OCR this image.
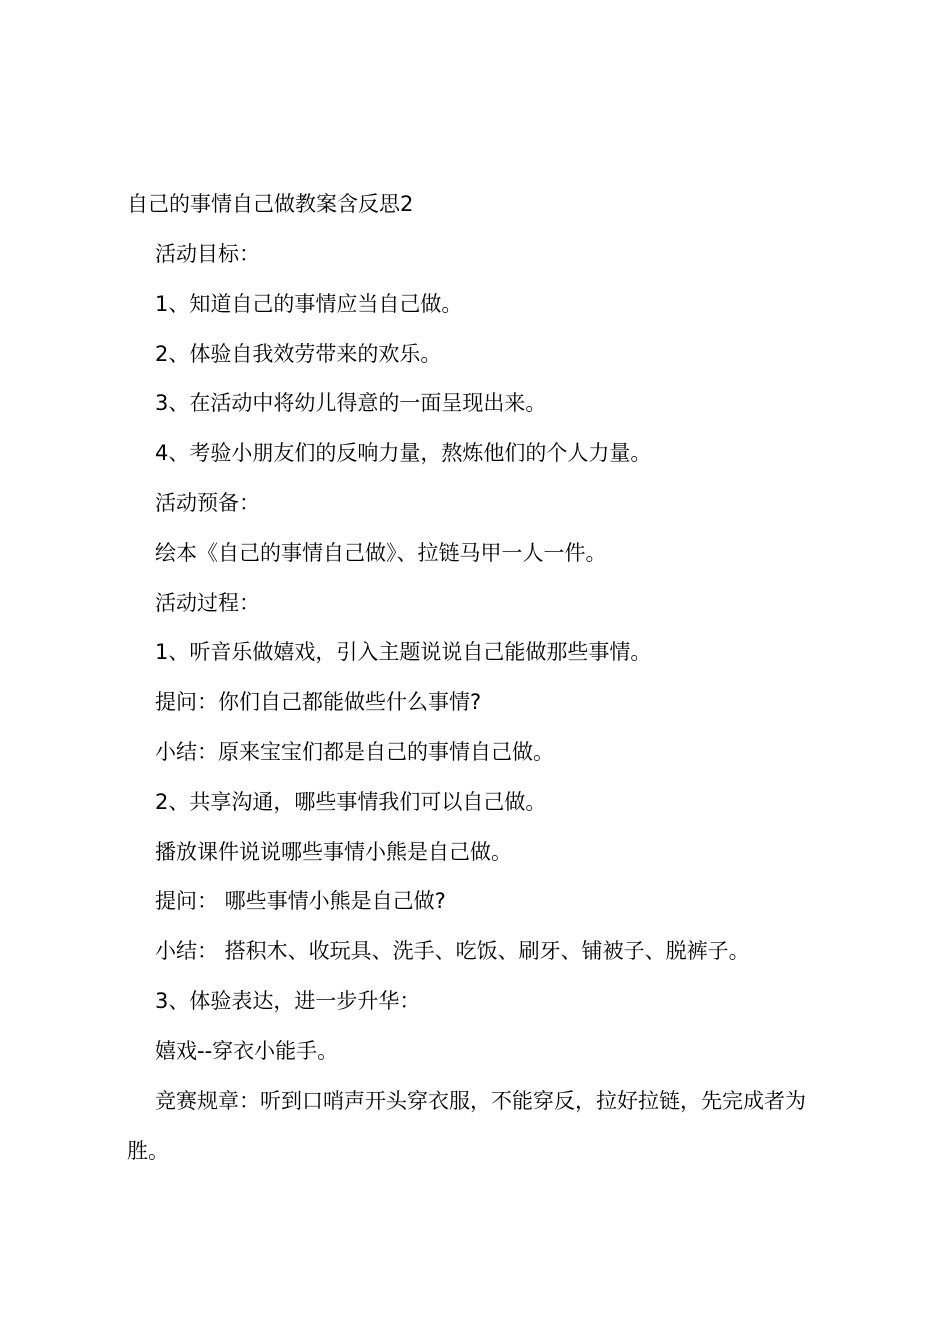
自己的事情自己做教案含反思2
活动目标：
1、知道自己的事情应当自己做。
2、体验自我效劳带来的欢乐。
3、在活动中将幼儿得意的一面呈现出来。
4、考验小朋友们的反响力量，熬炼他们的个人力量。
活动预备：
绘本《自己的事情自己做》、拉链马甲一人一件。
活动过程：
1、听音乐做嬉戏，引入主题说说自己能做那些事情。
提问：你们自己都能做些什么事情?
小结：原来宝宝们都是自己的事情自己做。
2、共享沟通，哪些事情我们可以自己做。
播放课件说说哪些事情小熊是自己做。
提问： 哪些事情小熊是自己做?
小结： 搭积木、收玩具、洗手、吃饭、刷牙、铺被子、脱裤子。
3、体验表达，进一步升华：
嬉戏--穿衣小能手。
竞赛规章：听到口哨声开头穿衣服，不能穿反，拉好拉链，先完成者为胜。
